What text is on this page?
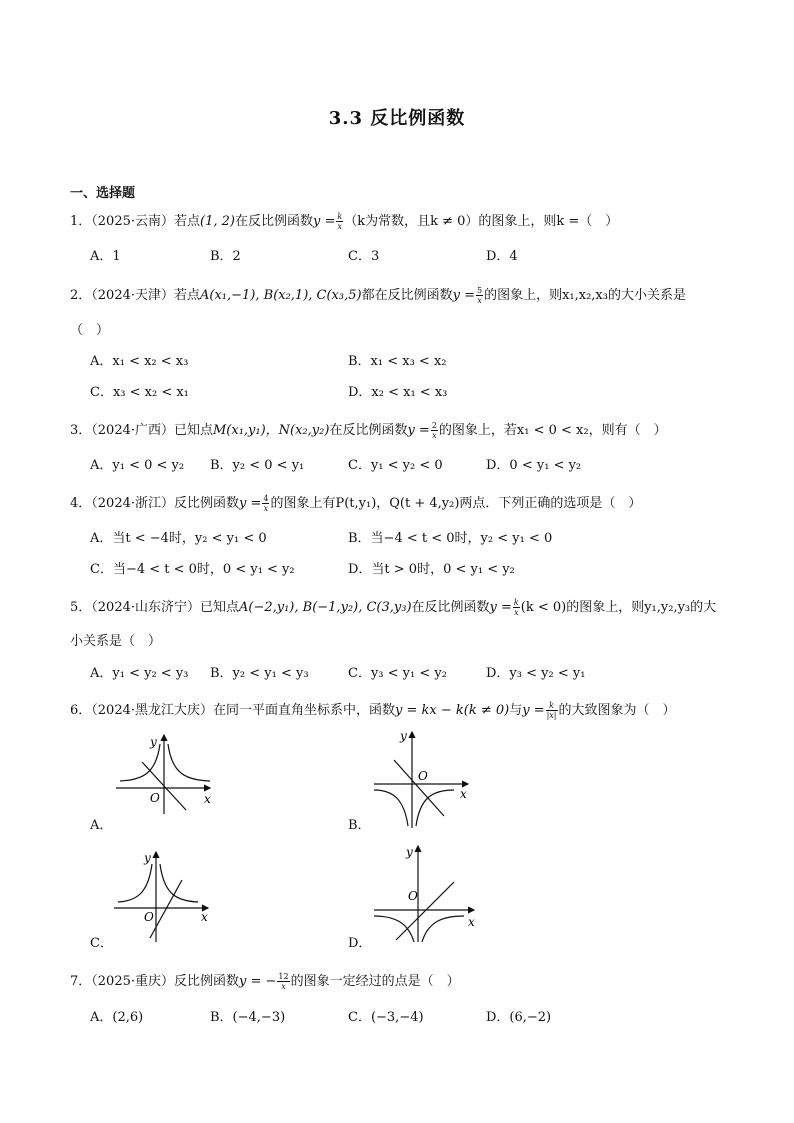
3.3 反比例函数
一、选择题
1．（2025·云南）若点(1, 2)在反比例函数$y = \frac{k}{x} (k$为常数，且k ≠ 0）的图象上，则k =（　）
A．1	B．2	C．3	D．4
2．（2024·天津）若点A(x₁,−1), B(x₂,1), C(x₃,5)都在反比例函数$y = \frac{5}{x}$ 的图象上，则x₁,x₂,x₃的大小关系是
（　）
A．x₁ < x₂ < x₃	B．x₁ < x₃ < x₂
C．x₃ < x₂ < x₁	D．x₂ < x₁ < x₃
3．（2024·广西）已知点M(x₁,y₁)，N(x₂,y₂)在反比例函数$y = \frac{2}{x}$ 的图象上，若x₁ < 0 < x₂，则有（　）
A．y₁ < 0 < y₂ B．y₂ < 0 < y₁	C．y₁ < y₂ < 0	D．0 < y₁ < y₂
4．（2024·浙江）反比例函数$y = \frac{4}{x}$ 的图象上有P(t,y₁)，Q(t + 4,y₂)两点．下列正确的选项是（　）
A．当t < −4时，y₂ < y₁ < 0	B．当−4 < t < 0时，y₂ < y₁ < 0
C．当−4 < t < 0时，0 < y₁ < y₂	D．当t > 0时，0 < y₁ < y₂
5．（2024·山东济宁）已知点A(−2,y₁), B(−1,y₂), C(3,y₃)在反比例函数$y = \frac{k}{x} (k < 0)$的图象上，则y₁,y₂,y₃的大
小关系是（　）
A．y₁ < y₂ < y₃ B．y₂ < y₁ < y₃	C．y₃ < y₁ < y₂	D．y₃ < y₂ < y₁
6．（2024·黑龙江大庆）在同一平面直角坐标系中，函数y = kx − k(k ≠ 0)与$y = \frac{k}{|x|}$ 的大致图象为（　）
O	x
y
A．
O
x
y
B．
O	x
y
C．
O
x
y
D．
7．（2025·重庆）反比例函数y = − $\frac{12}{x}$ 的图象一定经过的点是（　）
A．(2,6)	B．(−4,−3)	C．(−3,−4)	D．(6,−2)
